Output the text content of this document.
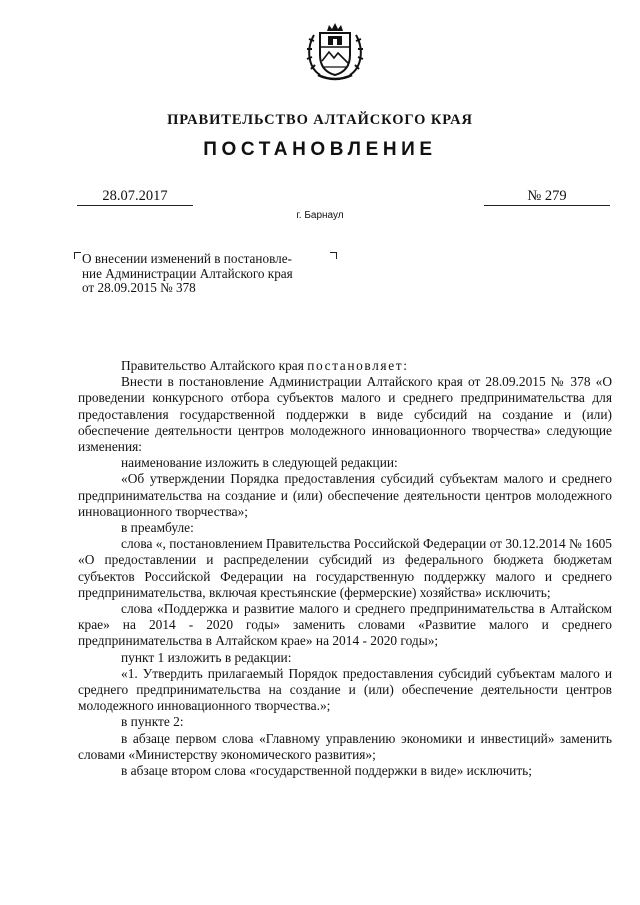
ПРАВИТЕЛЬСТВО АЛТАЙСКОГО КРАЯ
ПОСТАНОВЛЕНИЕ
28.07.2017	№ 279
г. Барнаул
О внесении изменений в постановле-
ние Администрации Алтайского края
от 28.09.2015 № 378

Правительство Алтайского края постановляет:

Внести в постановление Администрации Алтайского края от 28.09.2015 № 378 «О проведении конкурсного отбора субъектов малого и среднего предпринимательства для предоставления государственной поддержки в виде субсидий на создание и (или) обеспечение деятельности центров молодежного инновационного творчества» следующие изменения:

наименование изложить в следующей редакции:

«Об утверждении Порядка предоставления субсидий субъектам малого и среднего предпринимательства на создание и (или) обеспечение деятельности центров молодежного инновационного творчества»;

в преамбуле:

слова «, постановлением Правительства Российской Федерации от 30.12.2014 № 1605 «О предоставлении и распределении субсидий из федерального бюджета бюджетам субъектов Российской Федерации на государственную поддержку малого и среднего предпринимательства, включая крестьянские (фермерские) хозяйства» исключить;

слова «Поддержка и развитие малого и среднего предпринимательства в Алтайском крае» на 2014 - 2020 годы» заменить словами «Развитие малого и среднего предпринимательства в Алтайском крае» на 2014 - 2020 годы»;

пункт 1 изложить в редакции:

«1. Утвердить прилагаемый Порядок предоставления субсидий субъектам малого и среднего предпринимательства на создание и (или) обеспечение деятельности центров молодежного инновационного творчества.»;

в пункте 2:

в абзаце первом слова «Главному управлению экономики и инвестиций» заменить словами «Министерству экономического развития»;

в абзаце втором слова «государственной поддержки в виде» исключить;
